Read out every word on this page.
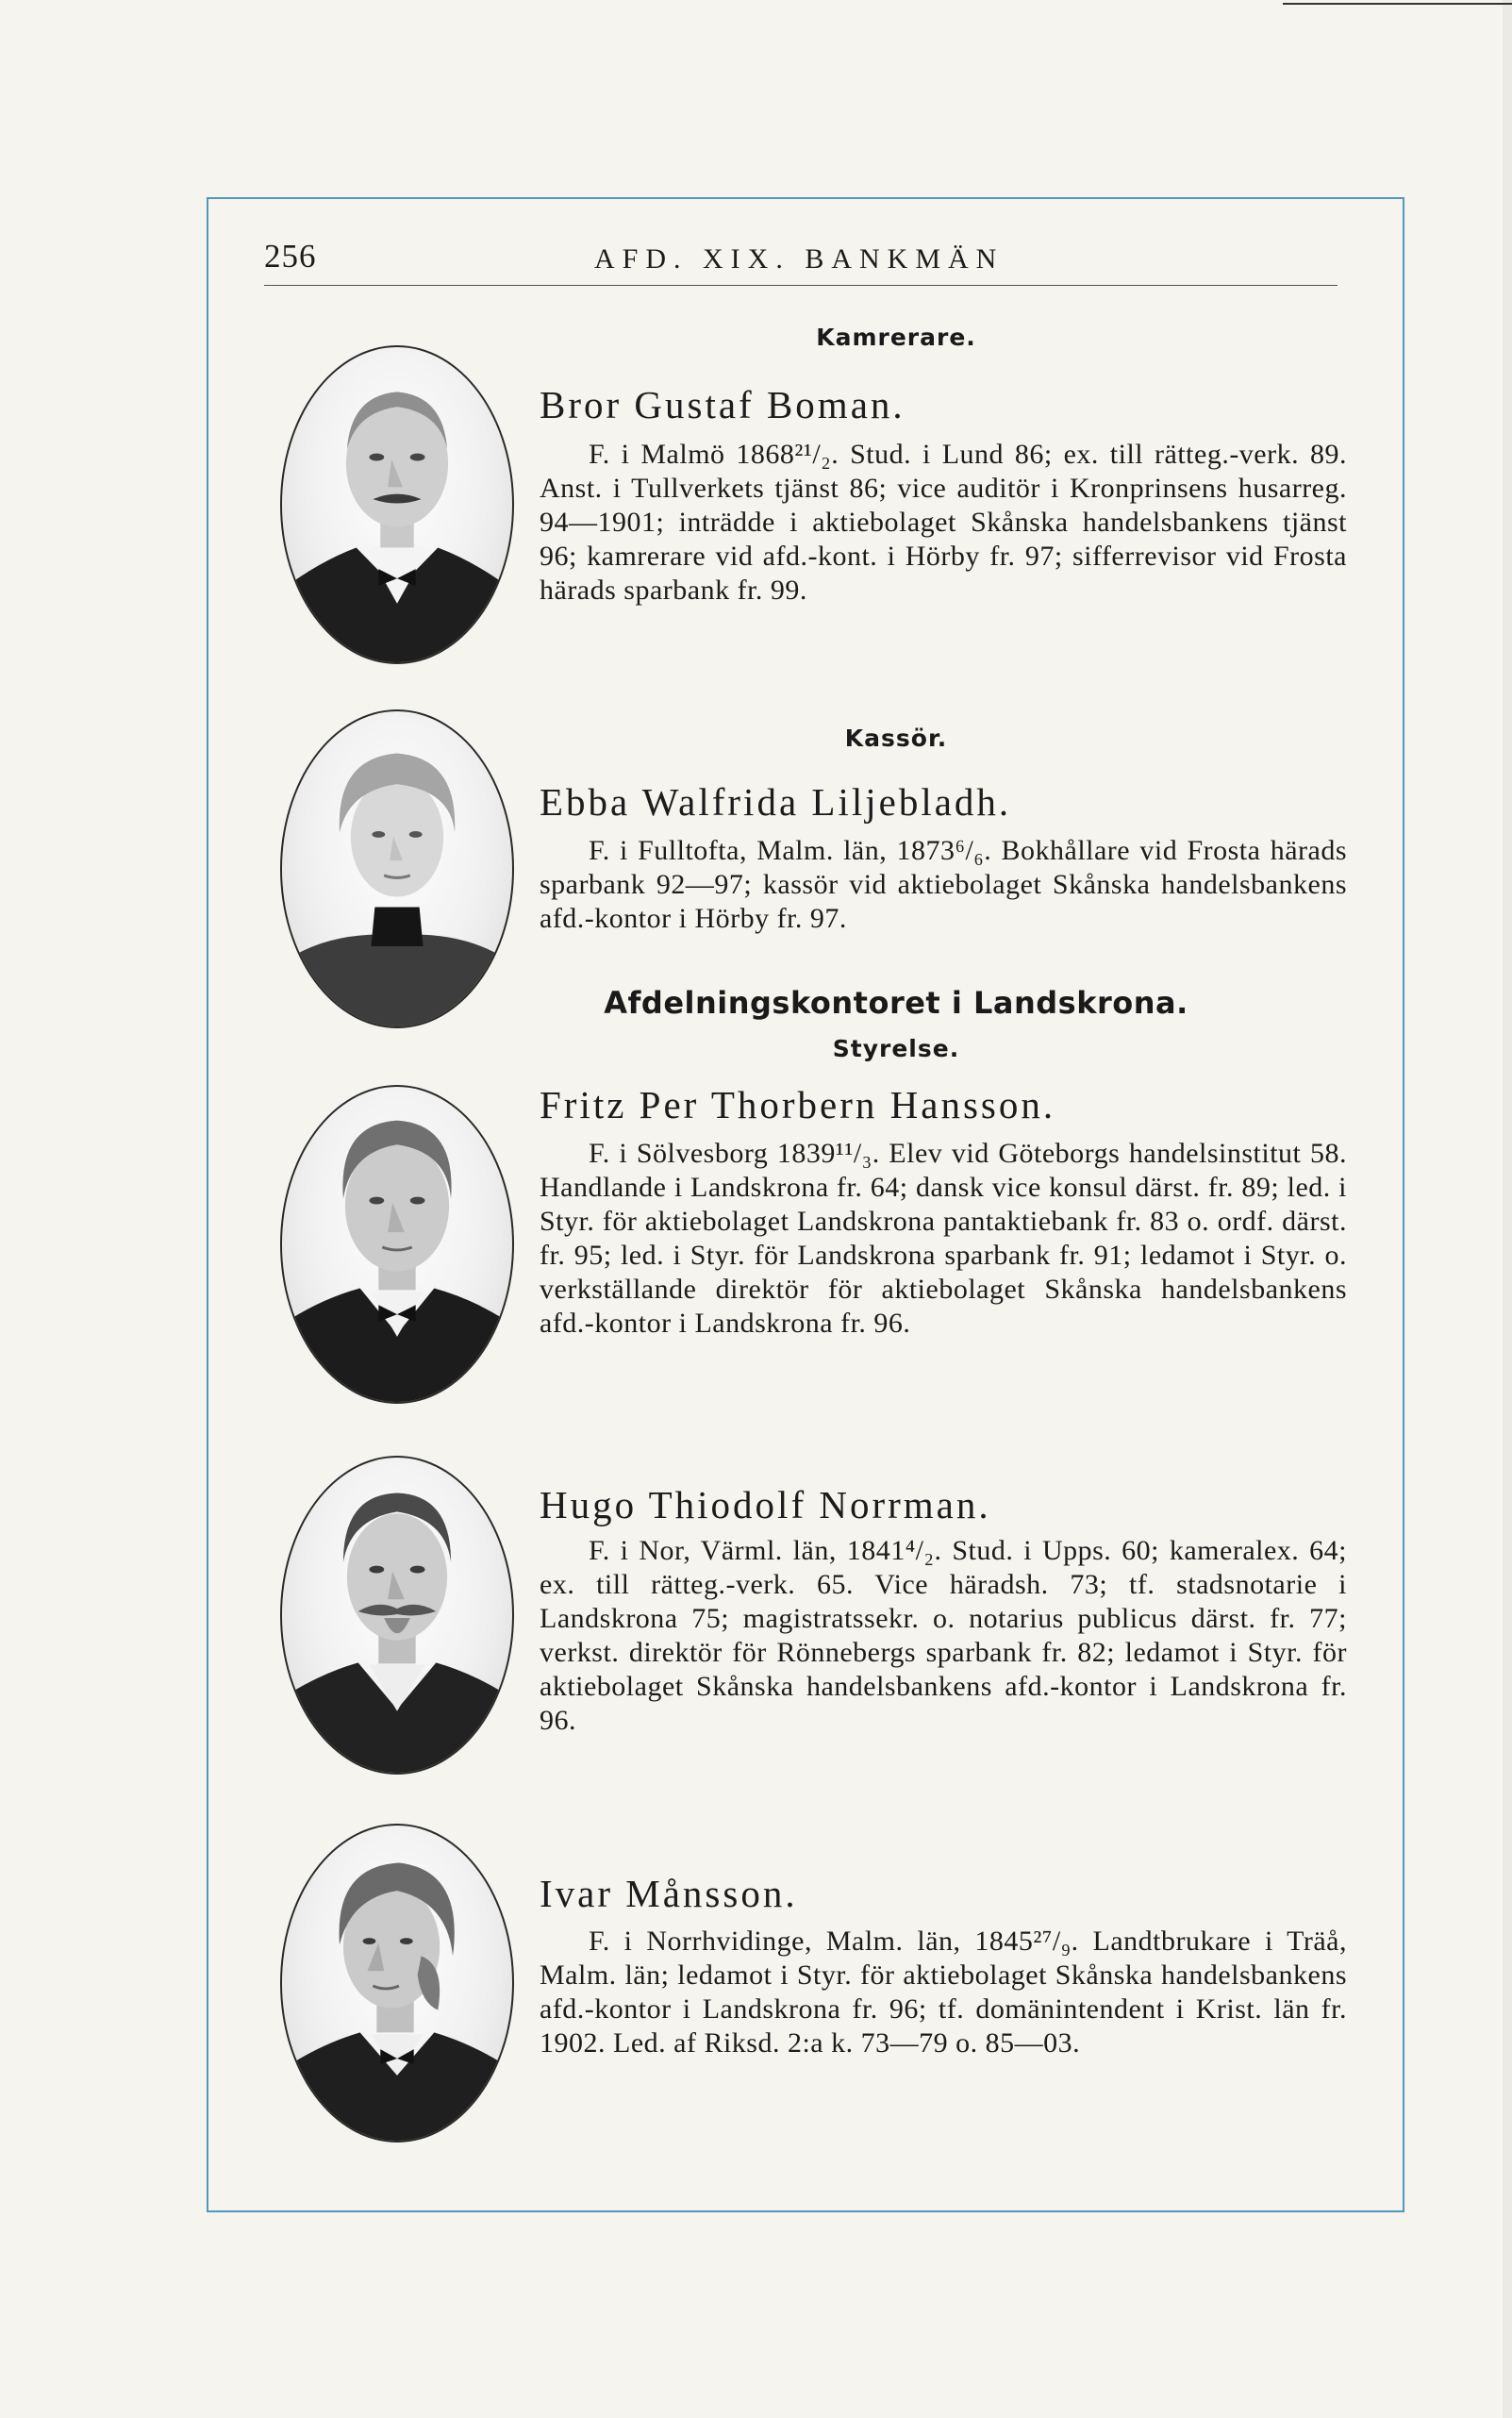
256	AFD. XIX. BANKMÄN
Kamrerare.
Bror Gustaf Boman.
F. i Malmö 1868²¹/₂. Stud. i Lund 86; ex. till rätteg.-verk. 89. Anst. i Tullverkets tjänst 86; vice auditör i Kronprinsens husarreg. 94—1901; inträdde i aktiebolaget Skånska handelsbankens tjänst 96; kamrerare vid afd.-kont. i Hörby fr. 97; sifferrevisor vid Frosta härads sparbank fr. 99.
Kassör.
Ebba Walfrida Liljebladh.
F. i Fulltofta, Malm. län, 1873⁶/₆. Bokhållare vid Frosta härads sparbank 92—97; kassör vid aktiebolaget Skånska handelsbankens afd.-kontor i Hörby fr. 97.
Afdelningskontoret i Landskrona.
Styrelse.
Fritz Per Thorbern Hansson.
F. i Sölvesborg 1839¹¹/₃. Elev vid Göteborgs handelsinstitut 58. Handlande i Landskrona fr. 64; dansk vice konsul därst. fr. 89; led. i Styr. för aktiebolaget Landskrona pantaktiebank fr. 83 o. ordf. därst. fr. 95; led. i Styr. för Landskrona sparbank fr. 91; ledamot i Styr. o. verkställande direktör för aktiebolaget Skånska handelsbankens afd.-kontor i Landskrona fr. 96.
Hugo Thiodolf Norrman.
F. i Nor, Värml. län, 1841⁴/₂. Stud. i Upps. 60; kameralex. 64; ex. till rätteg.-verk. 65. Vice häradsh. 73; tf. stadsnotarie i Landskrona 75; magistratssekr. o. notarius publicus därst. fr. 77; verkst. direktör för Rönnebergs sparbank fr. 82; ledamot i Styr. för aktiebolaget Skånska handelsbankens afd.-kontor i Landskrona fr. 96.
Ivar Månsson.
F. i Norrhvidinge, Malm. län, 1845²⁷/₉. Landtbrukare i Träå, Malm. län; ledamot i Styr. för aktiebolaget Skånska handelsbankens afd.-kontor i Landskrona fr. 96; tf. domänintendent i Krist. län fr. 1902. Led. af Riksd. 2:a k. 73—79 o. 85—03.
